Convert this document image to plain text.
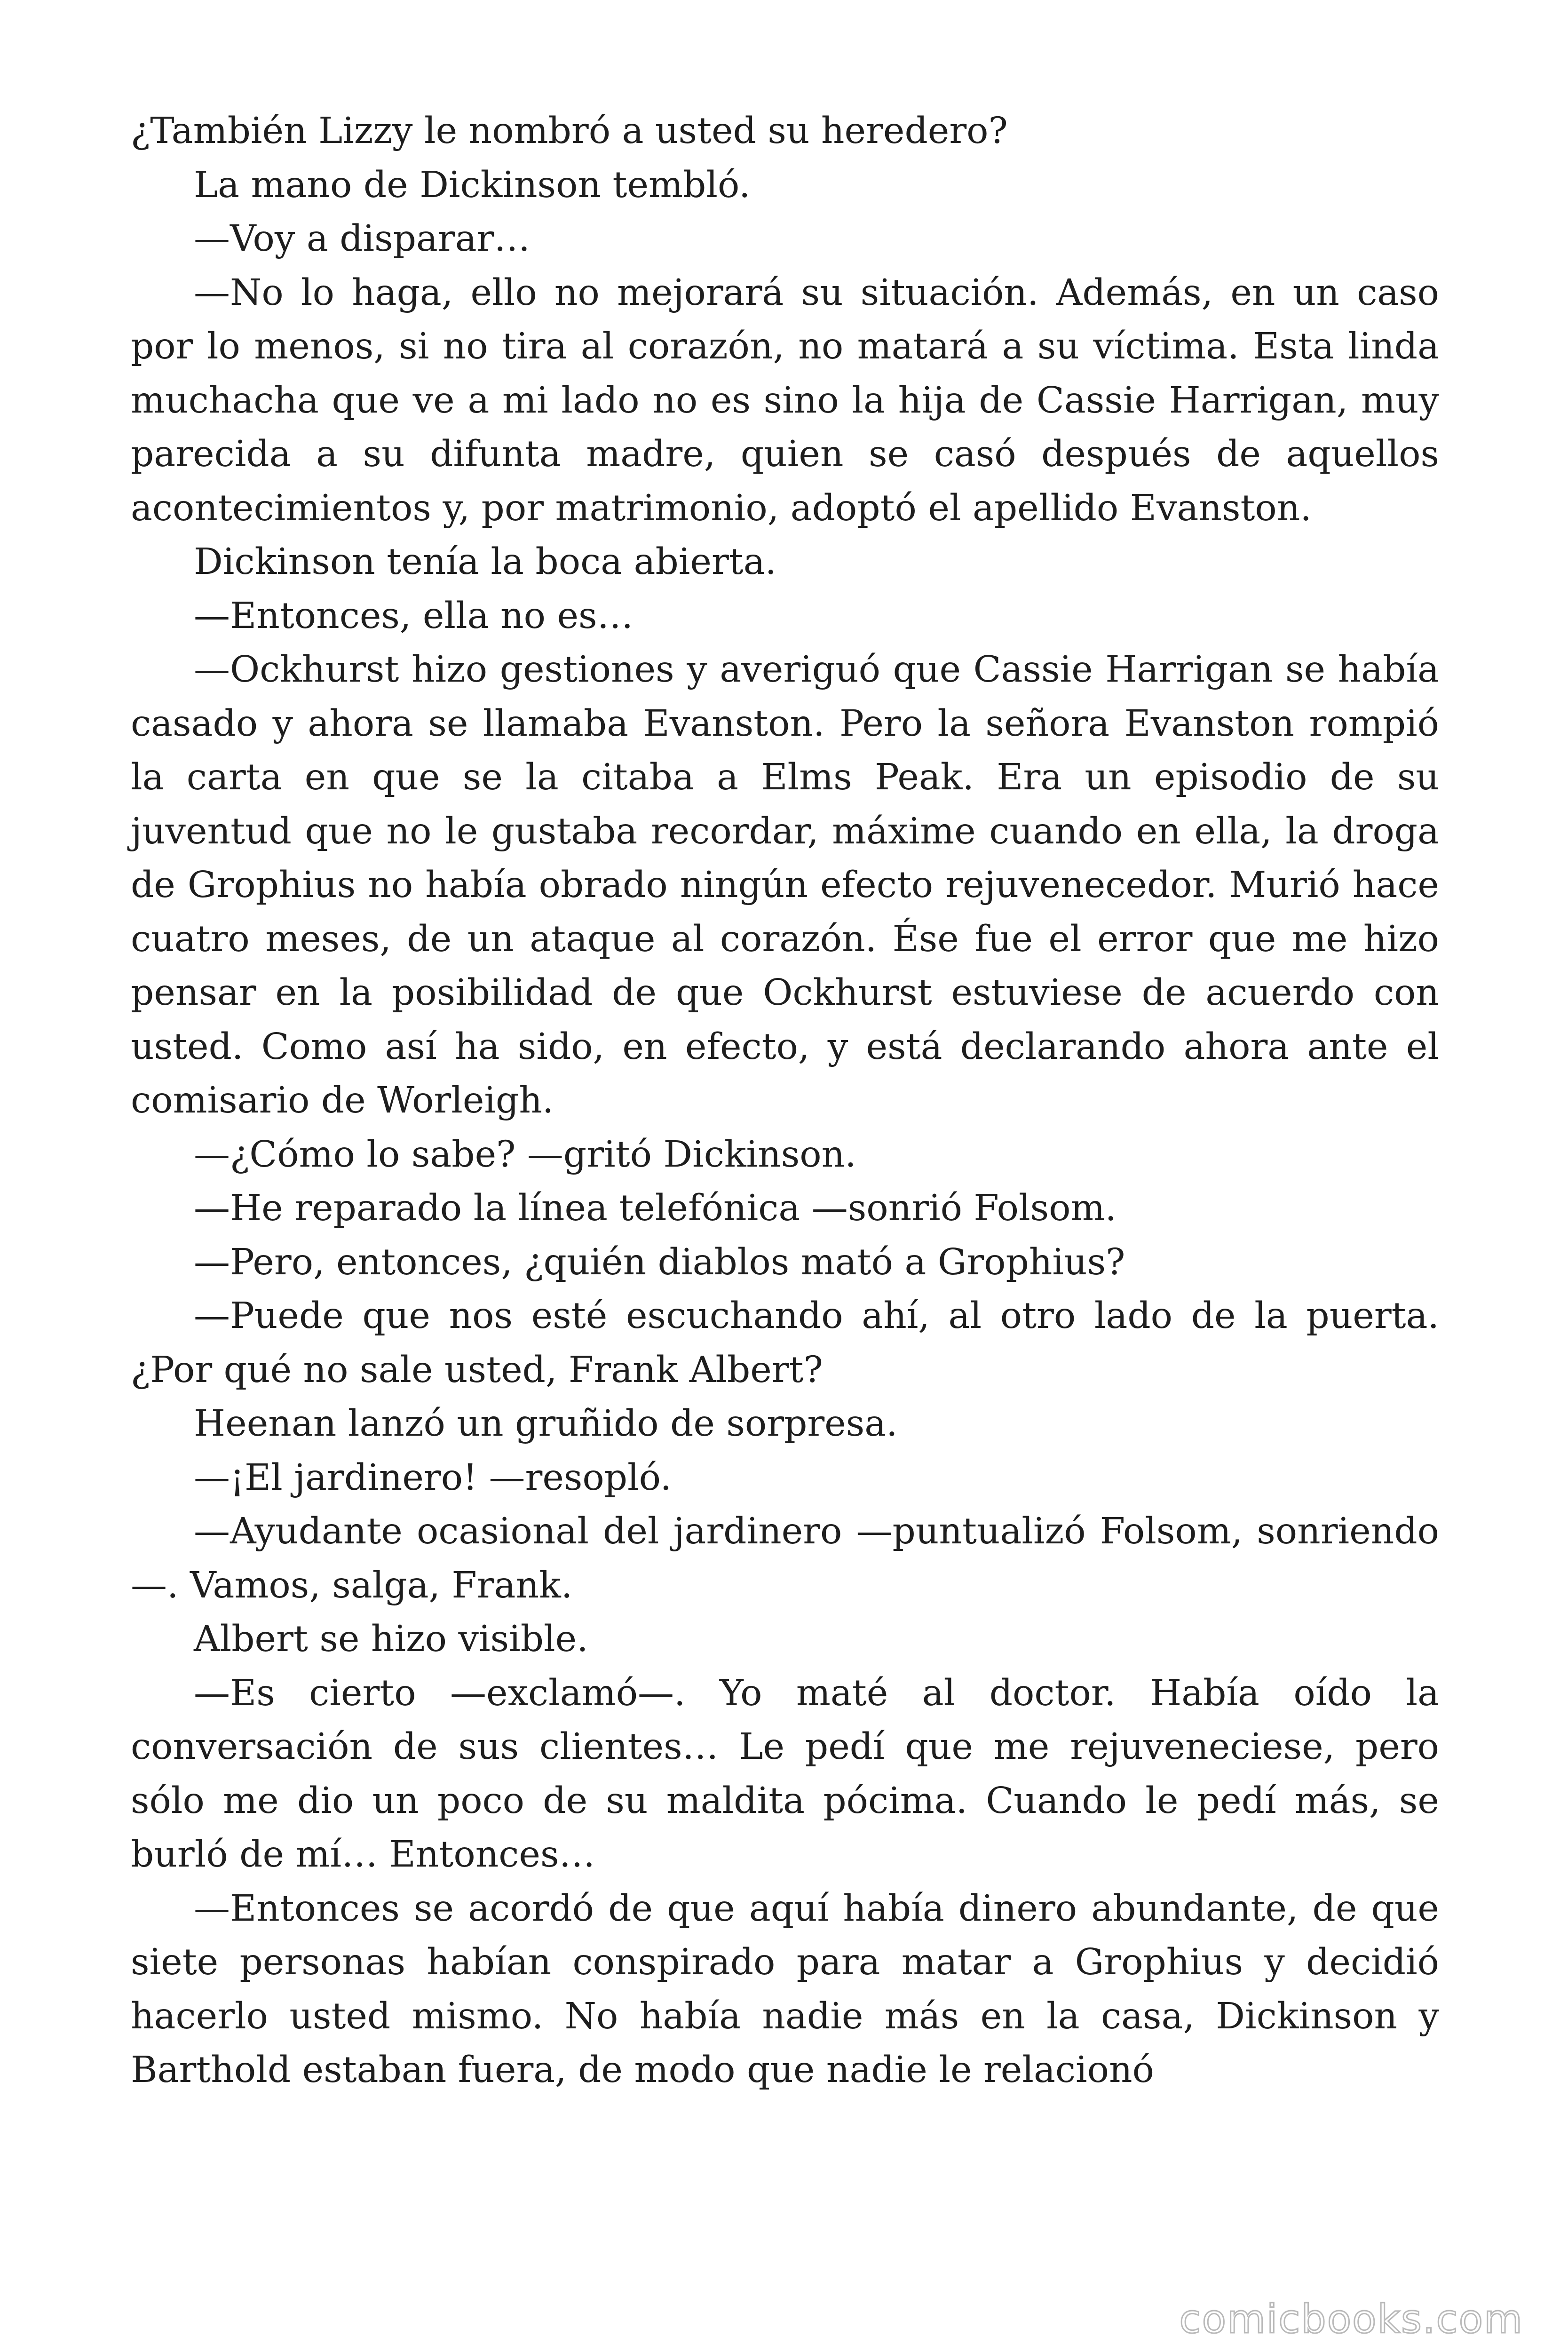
¿También Lizzy le nombró a usted su heredero?

La mano de Dickinson tembló.

—Voy a disparar…

—No lo haga, ello no mejorará su situación. Además, en un caso por lo menos, si no tira al corazón, no matará a su víctima. Esta linda muchacha que ve a mi lado no es sino la hija de Cassie Harrigan, muy parecida a su difunta madre, quien se casó después de aquellos acontecimientos y, por matrimonio, adoptó el apellido Evanston.

Dickinson tenía la boca abierta.

—Entonces, ella no es…

—Ockhurst hizo gestiones y averiguó que Cassie Harrigan se había casado y ahora se llamaba Evanston. Pero la señora Evanston rompió la carta en que se la citaba a Elms Peak. Era un episodio de su juventud que no le gustaba recordar, máxime cuando en ella, la droga de Grophius no había obrado ningún efecto rejuvenecedor. Murió hace cuatro meses, de un ataque al corazón. Ése fue el error que me hizo pensar en la posibilidad de que Ockhurst estuviese de acuerdo con usted. Como así ha sido, en efecto, y está declarando ahora ante el comisario de Worleigh.

—¿Cómo lo sabe? —gritó Dickinson.

—He reparado la línea telefónica —sonrió Folsom.

—Pero, entonces, ¿quién diablos mató a Grophius?

—Puede que nos esté escuchando ahí, al otro lado de la puerta. ¿Por qué no sale usted, Frank Albert?

Heenan lanzó un gruñido de sorpresa.

—¡El jardinero! —resopló.

—Ayudante ocasional del jardinero —puntualizó Folsom, sonriendo—. Vamos, salga, Frank.

Albert se hizo visible.

—Es cierto —exclamó—. Yo maté al doctor. Había oído la conversación de sus clientes… Le pedí que me rejuveneciese, pero sólo me dio un poco de su maldita pócima. Cuando le pedí más, se burló de mí… Entonces…

—Entonces se acordó de que aquí había dinero abundante, de que siete personas habían conspirado para matar a Grophius y decidió hacerlo usted mismo. No había nadie más en la casa, Dickinson y Barthold estaban fuera, de modo que nadie le relacionó

comicbooks.com
